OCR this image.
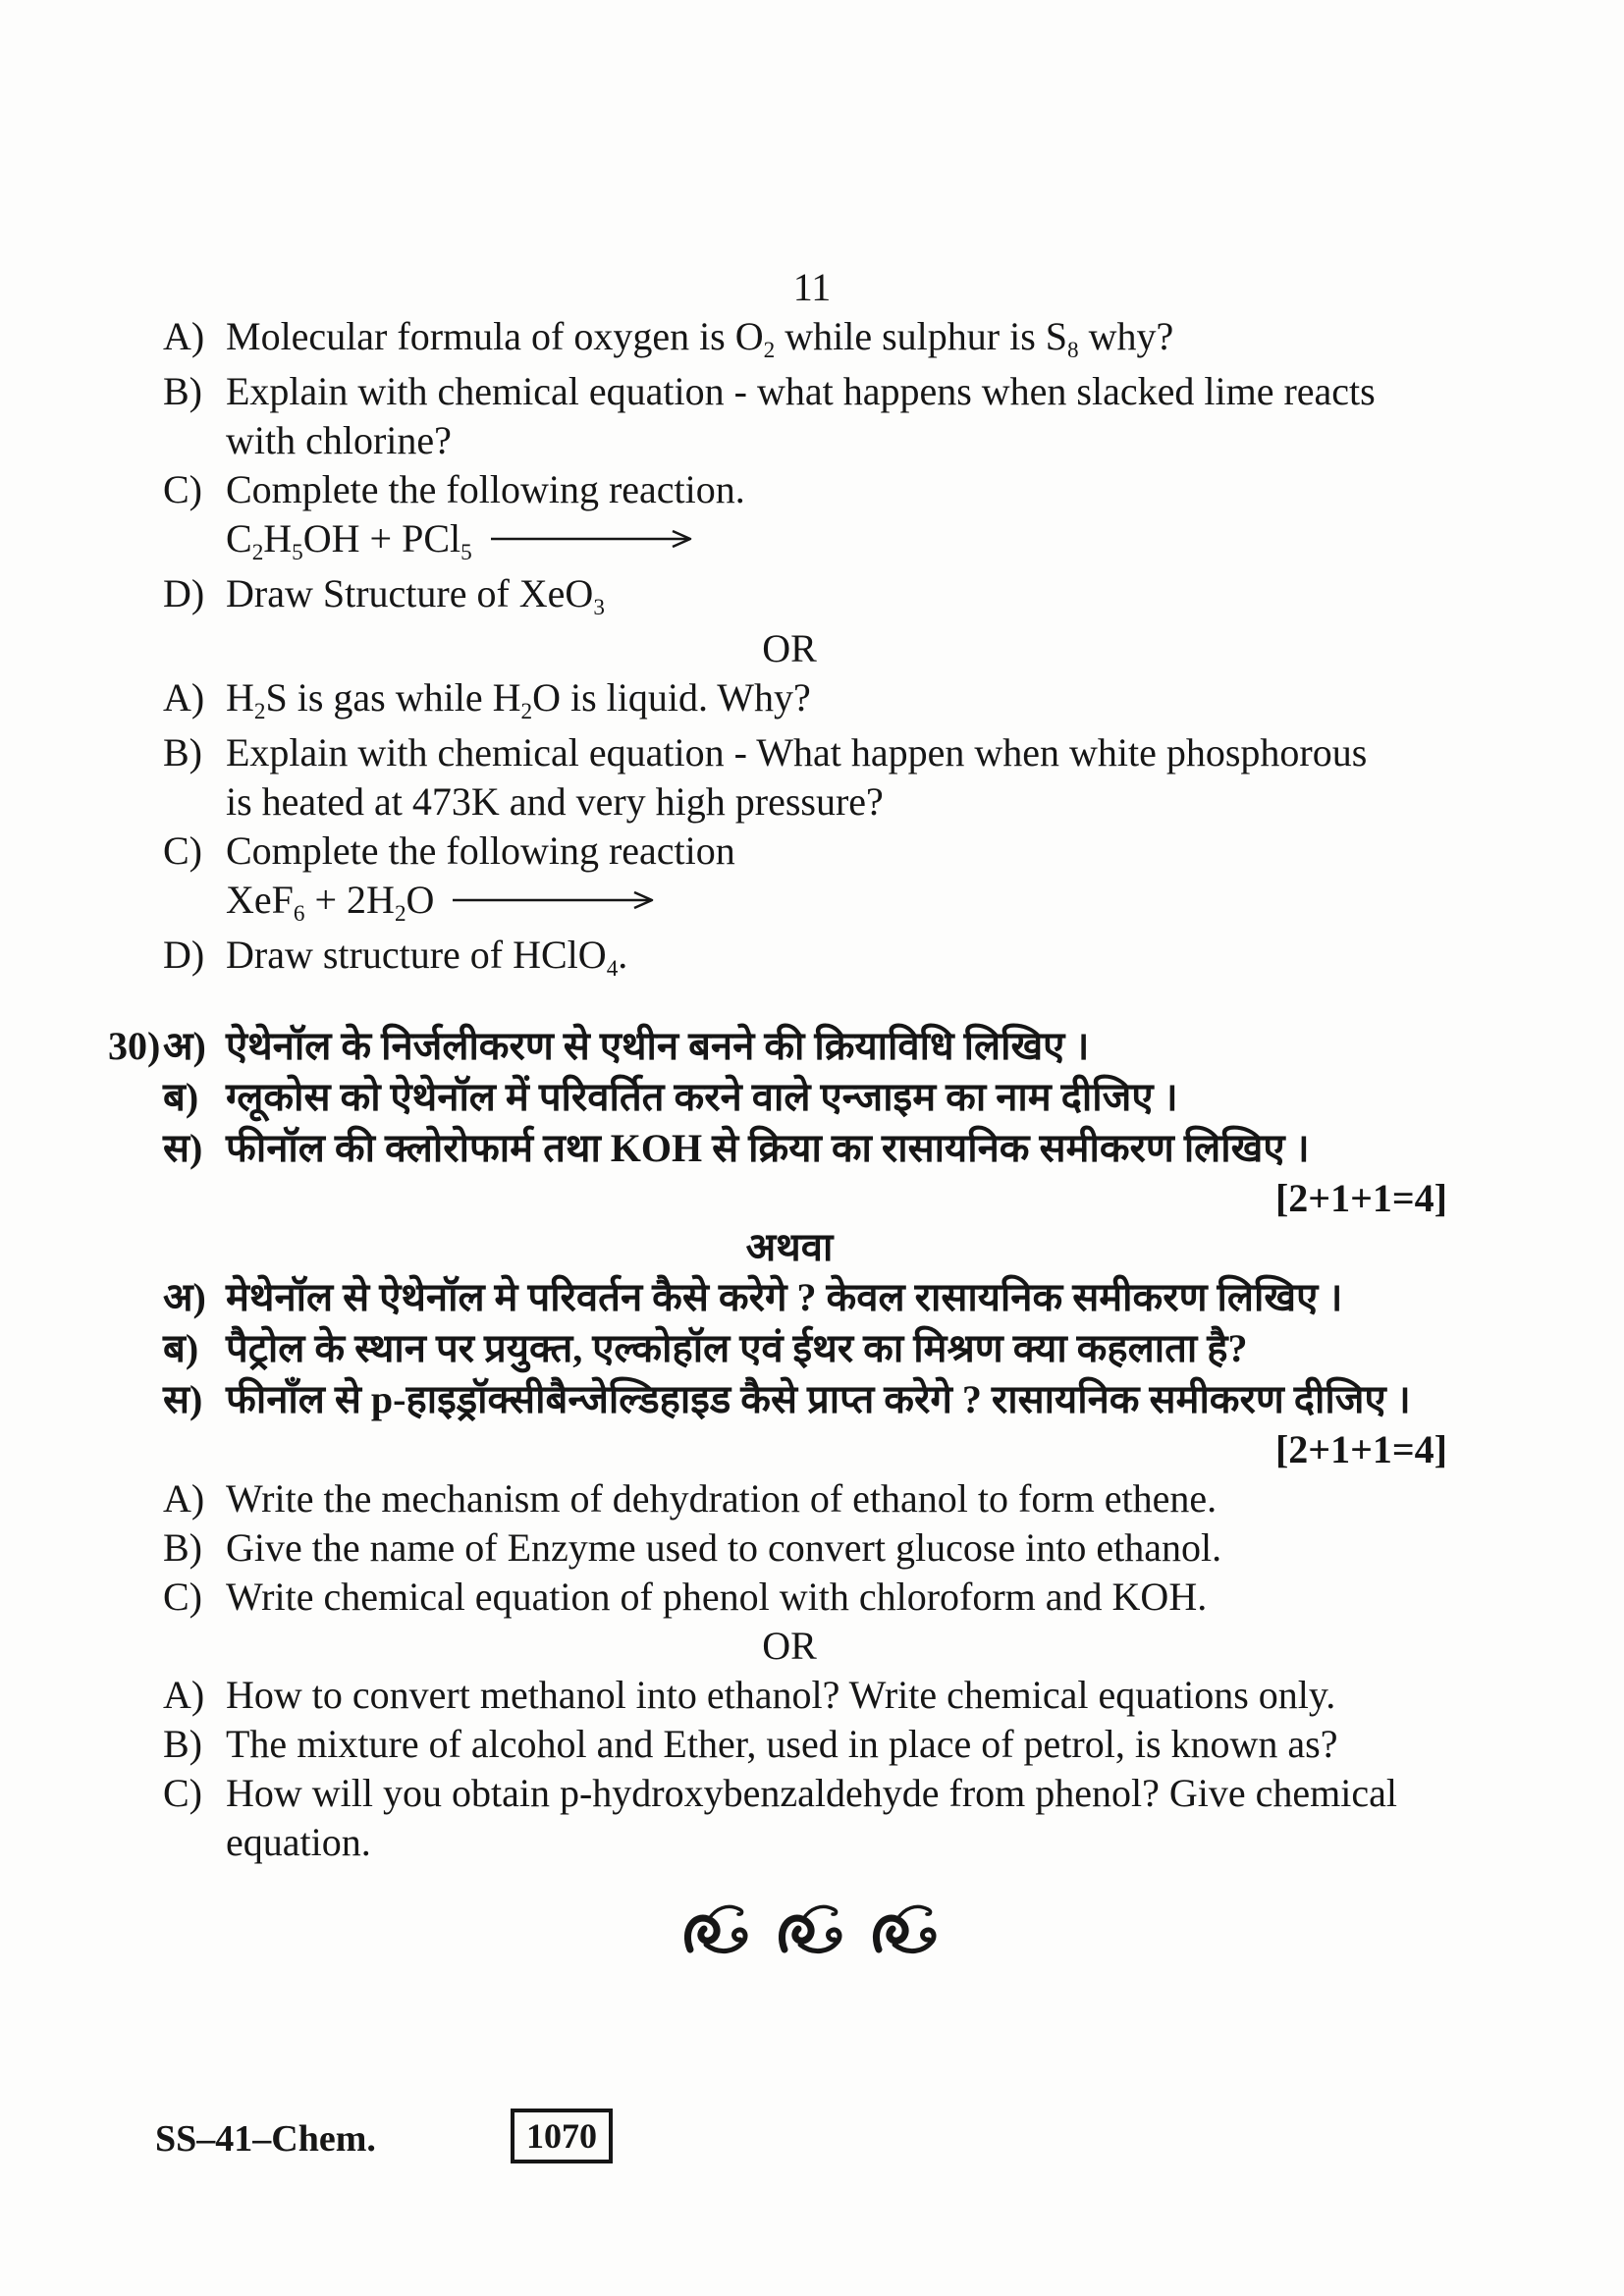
11
A) Molecular formula of oxygen is $O_2$ while sulphur is $S_8$ why?
B) Explain with chemical equation - what happens when slacked lime reacts
with chlorine?
C) Complete the following reaction.
$C_2H_5OH + PCl_5$
D) Draw Structure of XeO$_3$
OR
A) $H_2S$ is gas while $H_2O$ is liquid. Why?
B) Explain with chemical equation - What happen when white phosphorous
is heated at 473K and very high pressure?
C) Complete the following reaction
$XeF_6 + 2H_2O$
D) Draw structure of HClO$_4$.
30) अ) ऐथेनॉल के निर्जलीकरण से एथीन बनने की क्रियाविधि लिखिए ।
ब) ग्लूकोस को ऐथेनॉल में परिवर्तित करने वाले एन्जाइम का नाम दीजिए ।
स) फीनॉल की क्लोरोफार्म तथा KOH से क्रिया का रासायनिक समीकरण लिखिए ।
[2+1+1=4]
अथवा
अ) मेथेनॉल से ऐथेनॉल मे परिवर्तन कैसे करेगे ? केवल रासायनिक समीकरण लिखिए ।
ब) पैट्रोल के स्थान पर प्रयुक्त, एल्कोहॉल एवं ईथर का मिश्रण क्या कहलाता है?
स) फीनाँल से p-हाइड्रॉक्सीबैन्जेल्डिहाइड कैसे प्राप्त करेगे ? रासायनिक समीकरण दीजिए ।
[2+1+1=4]
A) Write the mechanism of dehydration of ethanol to form ethene.
B) Give the name of Enzyme used to convert glucose into ethanol.
C) Write chemical equation of phenol with chloroform and KOH.
OR
A) How to convert methanol into ethanol? Write chemical equations only.
B) The mixture of alcohol and Ether, used in place of petrol, is known as?
C) How will you obtain p-hydroxybenzaldehyde from phenol? Give chemical
equation.

SS–41–Chem.	1070
